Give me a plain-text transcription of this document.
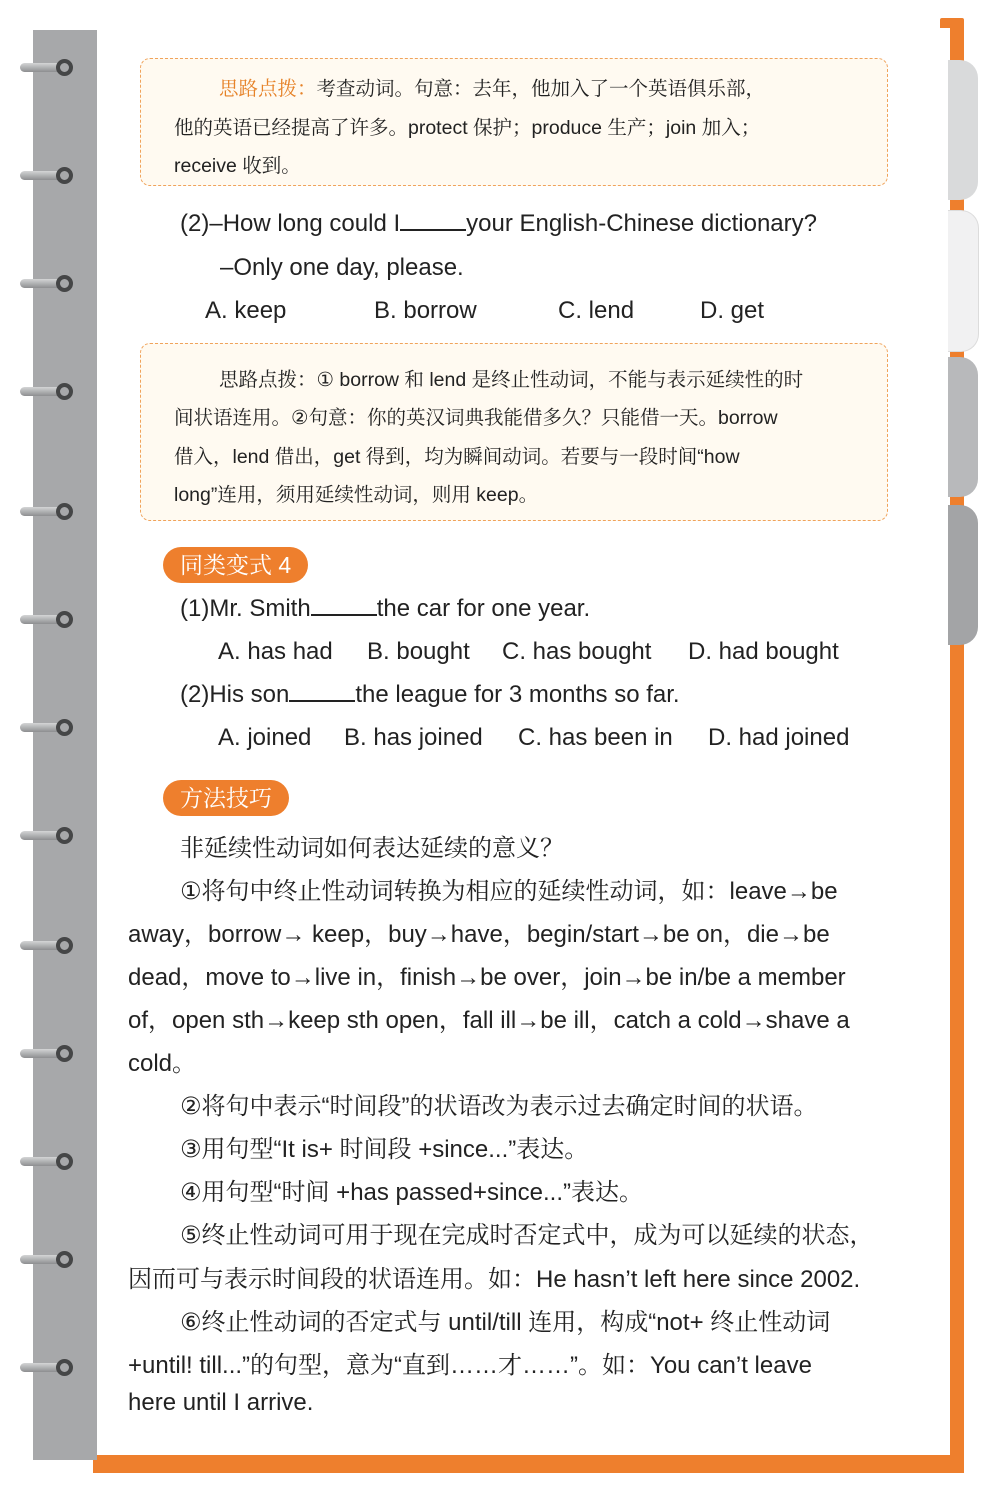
思路点拨：考查动词。句意：去年，他加入了一个英语俱乐部，

他的英语已经提高了许多。protect 保护；produce 生产；join 加入；

receive 收到。

(2)–How long could I	your English-Chinese dictionary?
–Only one day, please.
A. keep	B. borrow	C. lend	D. get

思路点拨：① borrow 和 lend 是终止性动词，不能与表示延续性的时

间状语连用。②句意：你的英汉词典我能借多久？只能借一天。borrow

借入，lend 借出，get 得到，均为瞬间动词。若要与一段时间“how

long”连用，须用延续性动词，则用 keep。

同类变式 4
(1)Mr. Smith	the car for one year.
A. has had B. bought C. has bought D. had bought
(2)His son	the league for 3 months so far.
A. joined B. has joined C. has been in D. had joined
方法技巧
非延续性动词如何表达延续的意义？
①将句中终止性动词转换为相应的延续性动词，如：leave→be
away，borrow→ keep，buy→have，begin/start→be on，die→be
dead，move to→live in，finish→be over，join→be in/be a member
of，open sth→keep sth open，fall ill→be ill，catch a cold→shave a
cold。
②将句中表示“时间段”的状语改为表示过去确定时间的状语。
③用句型“It is+ 时间段 +since...”表达。
④用句型“时间 +has passed+since...”表达。
⑤终止性动词可用于现在完成时否定式中，成为可以延续的状态，
因而可与表示时间段的状语连用。如：He hasn’t left here since 2002.
⑥终止性动词的否定式与 until/till 连用，构成“not+ 终止性动词
+until! till...”的句型，意为“直到……才……”。如：You can’t leave
here until I arrive.
